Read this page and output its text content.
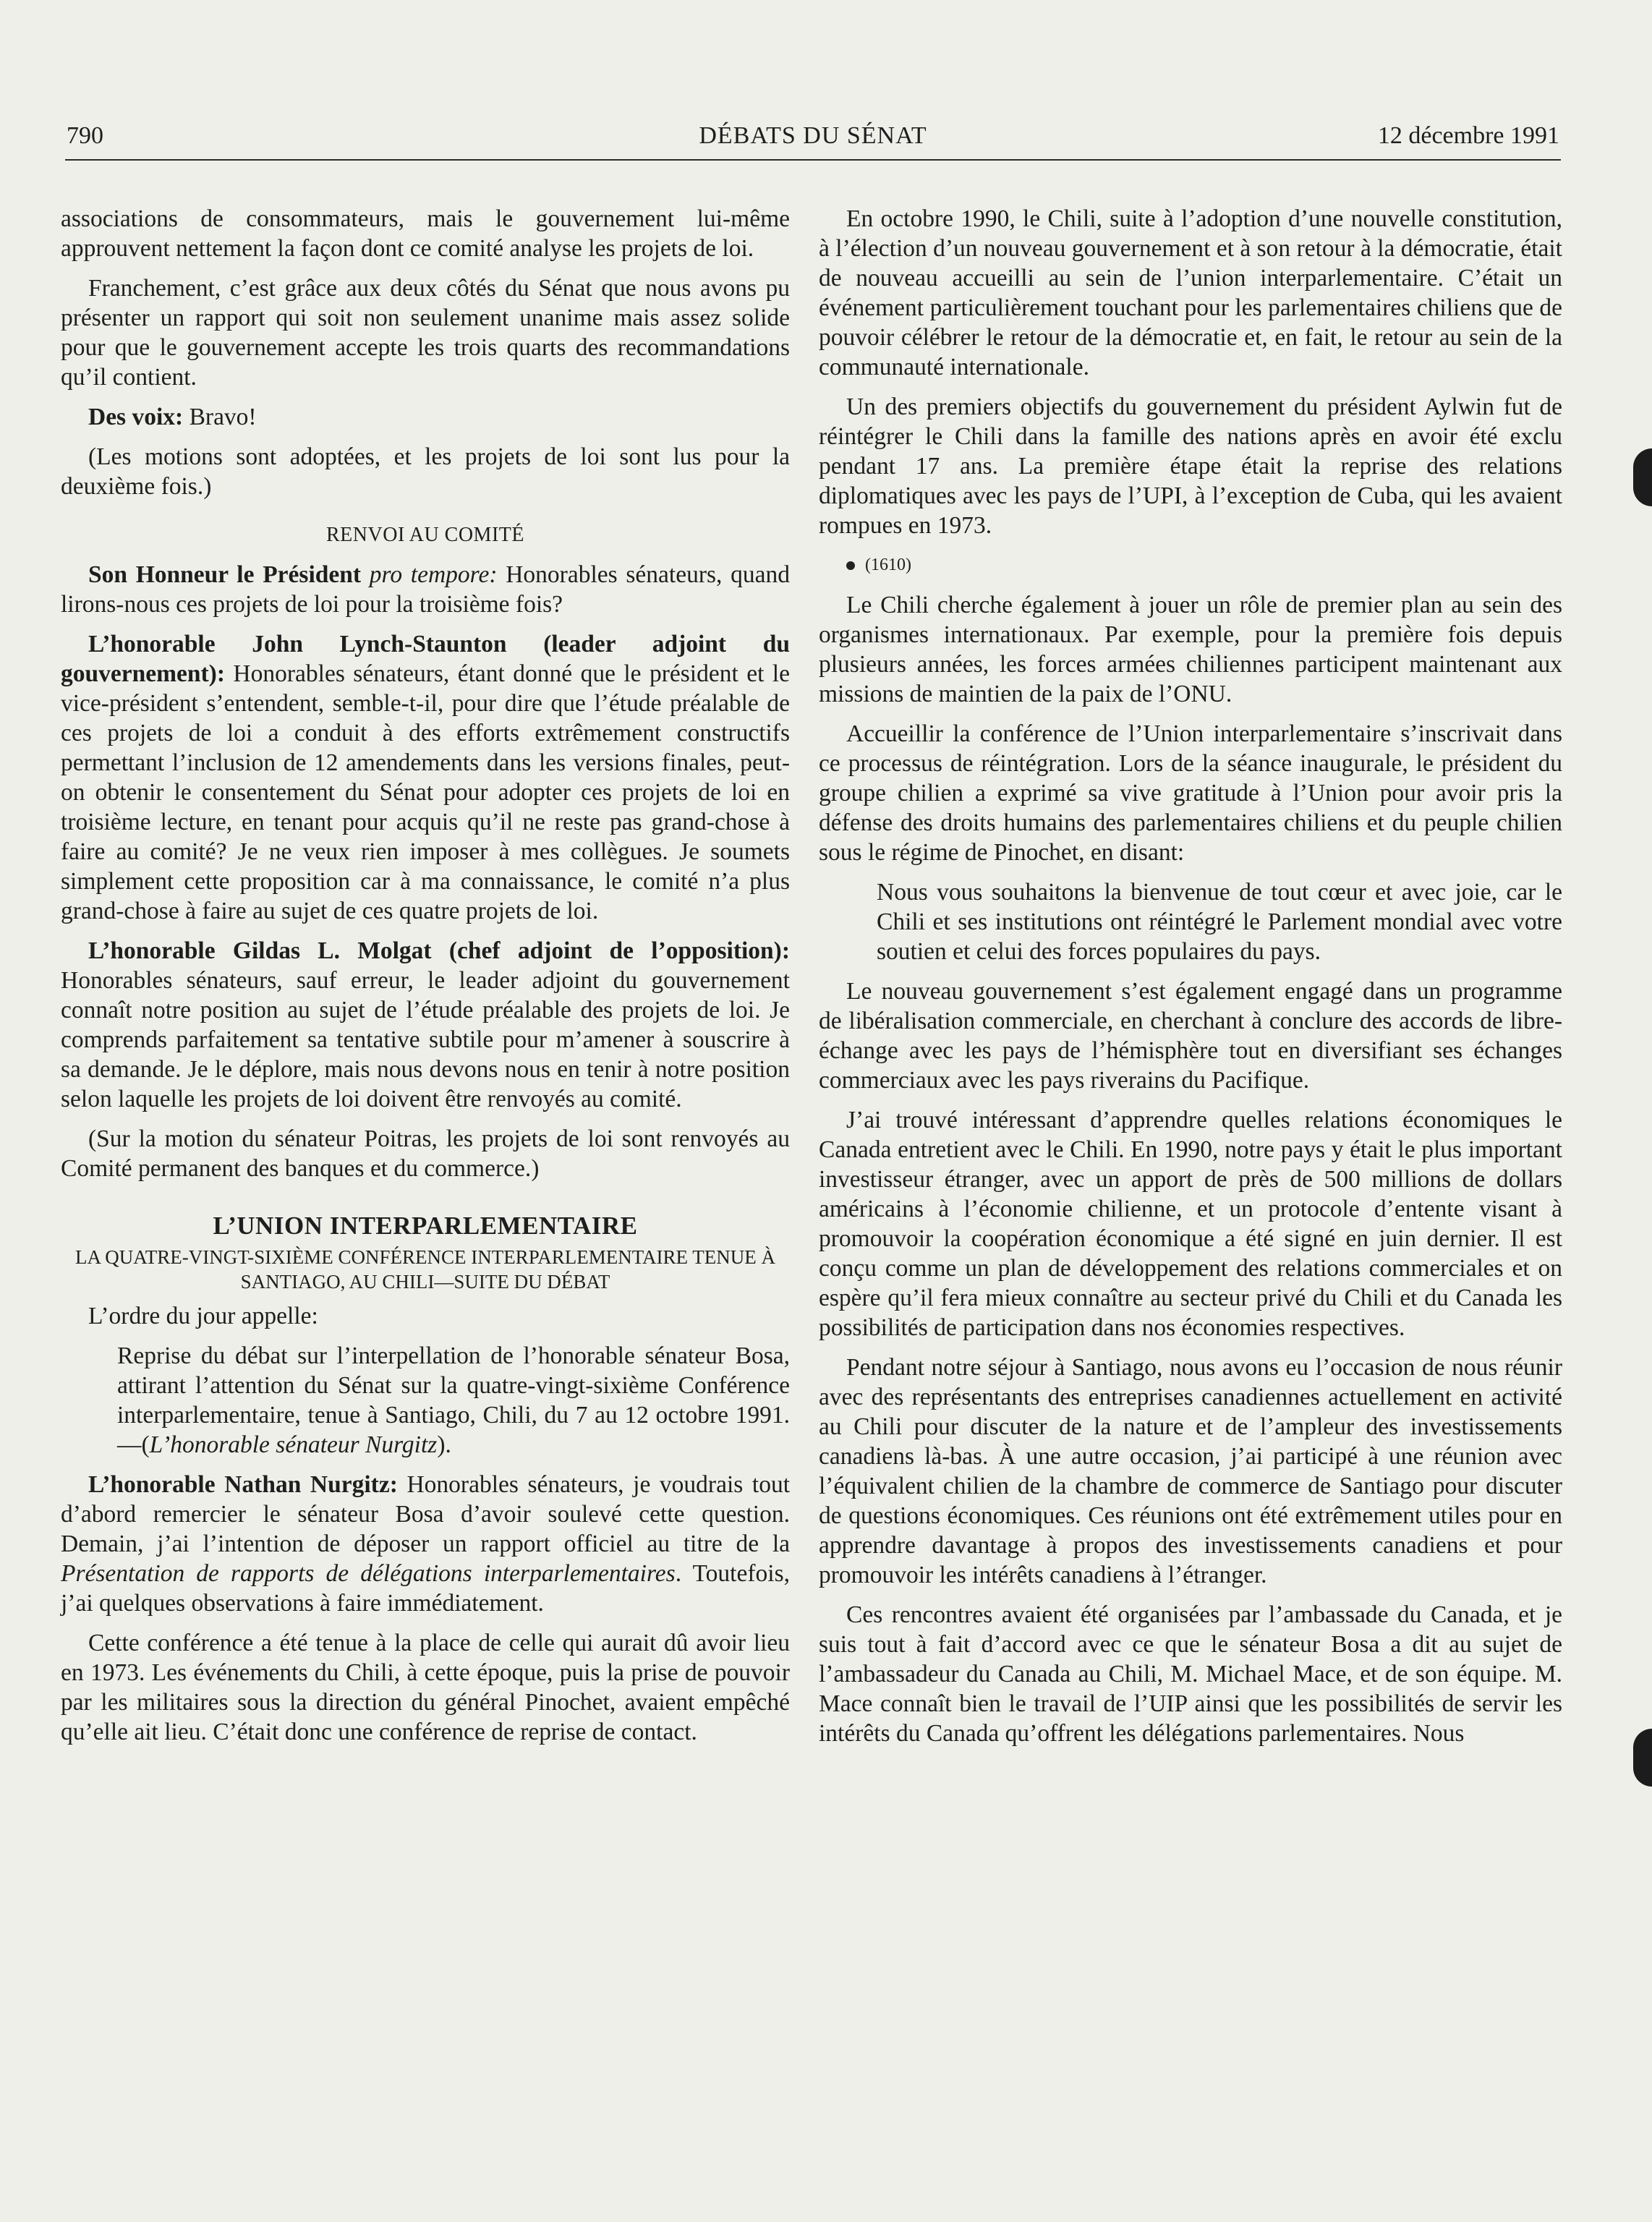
790	DÉBATS DU SÉNAT	12 décembre 1991

associations de consommateurs, mais le gouvernement lui-même approuvent nettement la façon dont ce comité analyse les projets de loi.

Franchement, c’est grâce aux deux côtés du Sénat que nous avons pu présenter un rapport qui soit non seulement unanime mais assez solide pour que le gouvernement accepte les trois quarts des recommandations qu’il contient.

Des voix: Bravo!

(Les motions sont adoptées, et les projets de loi sont lus pour la deuxième fois.)

RENVOI AU COMITÉ

Son Honneur le Président pro tempore: Honorables sénateurs, quand lirons-nous ces projets de loi pour la troisième fois?

L’honorable John Lynch-Staunton (leader adjoint du gouvernement): Honorables sénateurs, étant donné que le président et le vice-président s’entendent, semble-t-il, pour dire que l’étude préalable de ces projets de loi a conduit à des efforts extrêmement constructifs permettant l’inclusion de 12 amendements dans les versions finales, peut-on obtenir le consentement du Sénat pour adopter ces projets de loi en troisième lecture, en tenant pour acquis qu’il ne reste pas grand-chose à faire au comité? Je ne veux rien imposer à mes collègues. Je soumets simplement cette proposition car à ma connaissance, le comité n’a plus grand-chose à faire au sujet de ces quatre projets de loi.

L’honorable Gildas L. Molgat (chef adjoint de l’opposition): Honorables sénateurs, sauf erreur, le leader adjoint du gouvernement connaît notre position au sujet de l’étude préalable des projets de loi. Je comprends parfaitement sa tentative subtile pour m’amener à souscrire à sa demande. Je le déplore, mais nous devons nous en tenir à notre position selon laquelle les projets de loi doivent être renvoyés au comité.

(Sur la motion du sénateur Poitras, les projets de loi sont renvoyés au Comité permanent des banques et du commerce.)

L’UNION INTERPARLEMENTAIRE
LA QUATRE-VINGT-SIXIÈME CONFÉRENCE INTERPARLEMENTAIRE TENUE À SANTIAGO, AU CHILI—SUITE DU DÉBAT

L’ordre du jour appelle:

Reprise du débat sur l’interpellation de l’honorable sénateur Bosa, attirant l’attention du Sénat sur la quatre-vingt-sixième Conférence interparlementaire, tenue à Santiago, Chili, du 7 au 12 octobre 1991.—(L’honorable sénateur Nurgitz).

L’honorable Nathan Nurgitz: Honorables sénateurs, je voudrais tout d’abord remercier le sénateur Bosa d’avoir soulevé cette question. Demain, j’ai l’intention de déposer un rapport officiel au titre de la Présentation de rapports de délégations interparlementaires. Toutefois, j’ai quelques observations à faire immédiatement.

Cette conférence a été tenue à la place de celle qui aurait dû avoir lieu en 1973. Les événements du Chili, à cette époque, puis la prise de pouvoir par les militaires sous la direction du général Pinochet, avaient empêché qu’elle ait lieu. C’était donc une conférence de reprise de contact.

En octobre 1990, le Chili, suite à l’adoption d’une nouvelle constitution, à l’élection d’un nouveau gouvernement et à son retour à la démocratie, était de nouveau accueilli au sein de l’union interparlementaire. C’était un événement particulièrement touchant pour les parlementaires chiliens que de pouvoir célébrer le retour de la démocratie et, en fait, le retour au sein de la communauté internationale.

Un des premiers objectifs du gouvernement du président Aylwin fut de réintégrer le Chili dans la famille des nations après en avoir été exclu pendant 17 ans. La première étape était la reprise des relations diplomatiques avec les pays de l’UPI, à l’exception de Cuba, qui les avaient rompues en 1973.

(1610)

Le Chili cherche également à jouer un rôle de premier plan au sein des organismes internationaux. Par exemple, pour la première fois depuis plusieurs années, les forces armées chiliennes participent maintenant aux missions de maintien de la paix de l’ONU.

Accueillir la conférence de l’Union interparlementaire s’inscrivait dans ce processus de réintégration. Lors de la séance inaugurale, le président du groupe chilien a exprimé sa vive gratitude à l’Union pour avoir pris la défense des droits humains des parlementaires chiliens et du peuple chilien sous le régime de Pinochet, en disant:

Nous vous souhaitons la bienvenue de tout cœur et avec joie, car le Chili et ses institutions ont réintégré le Parlement mondial avec votre soutien et celui des forces populaires du pays.

Le nouveau gouvernement s’est également engagé dans un programme de libéralisation commerciale, en cherchant à conclure des accords de libre-échange avec les pays de l’hémisphère tout en diversifiant ses échanges commerciaux avec les pays riverains du Pacifique.

J’ai trouvé intéressant d’apprendre quelles relations économiques le Canada entretient avec le Chili. En 1990, notre pays y était le plus important investisseur étranger, avec un apport de près de 500 millions de dollars américains à l’économie chilienne, et un protocole d’entente visant à promouvoir la coopération économique a été signé en juin dernier. Il est conçu comme un plan de développement des relations commerciales et on espère qu’il fera mieux connaître au secteur privé du Chili et du Canada les possibilités de participation dans nos économies respectives.

Pendant notre séjour à Santiago, nous avons eu l’occasion de nous réunir avec des représentants des entreprises canadiennes actuellement en activité au Chili pour discuter de la nature et de l’ampleur des investissements canadiens là-bas. À une autre occasion, j’ai participé à une réunion avec l’équivalent chilien de la chambre de commerce de Santiago pour discuter de questions économiques. Ces réunions ont été extrêmement utiles pour en apprendre davantage à propos des investissements canadiens et pour promouvoir les intérêts canadiens à l’étranger.

Ces rencontres avaient été organisées par l’ambassade du Canada, et je suis tout à fait d’accord avec ce que le sénateur Bosa a dit au sujet de l’ambassadeur du Canada au Chili, M. Michael Mace, et de son équipe. M. Mace connaît bien le travail de l’UIP ainsi que les possibilités de servir les intérêts du Canada qu’offrent les délégations parlementaires. Nous
